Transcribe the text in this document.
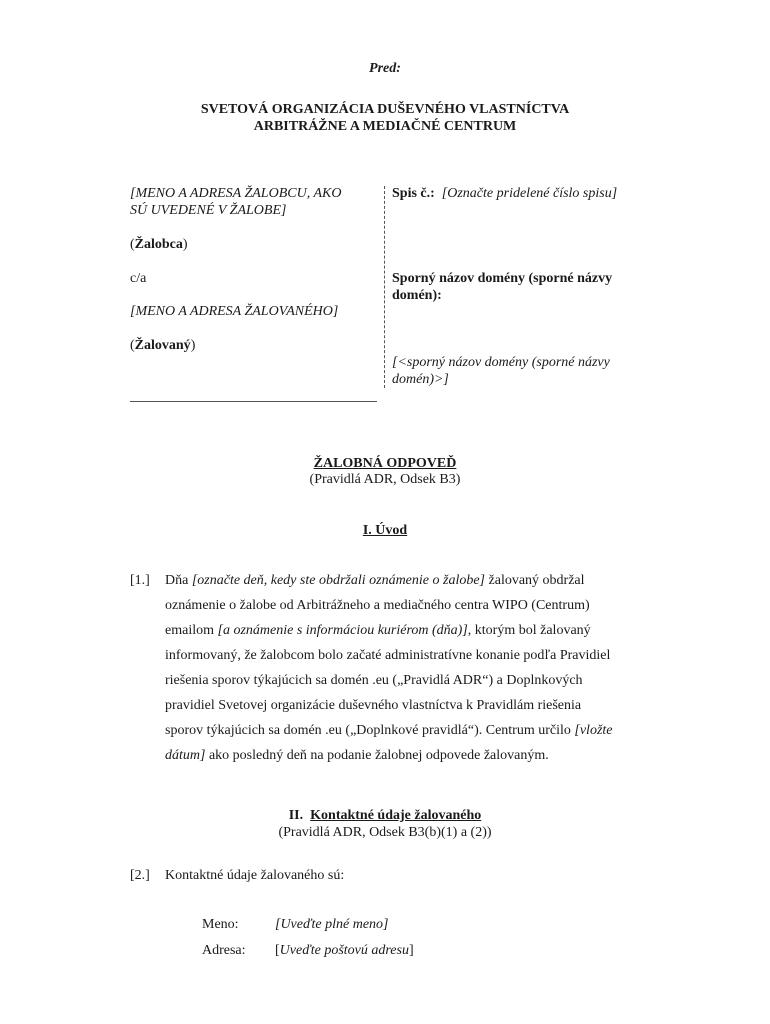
Pred:
SVETOVÁ ORGANIZÁCIA DUŠEVNÉHO VLASTNÍCTVA
ARBITRÁŽNE A MEDIAČNÉ CENTRUM
[MENO A ADRESA ŽALOBCU, AKO
SÚ UVEDENÉ V ŽALOBE]
(Žalobca)
c/a
[MENO A ADRESA ŽALOVANÉHO]
(Žalovaný)
Spis č.: [Označte pridelené číslo spisu]
Sporný názov domény (sporné názvy
domén):
[<sporný názov domény (sporné názvy
domén)>]
ŽALOBNÁ ODPOVEĎ
(Pravidlá ADR, Odsek B3)
I. Úvod
[1.] Dňa [označte deň, kedy ste obdržali oznámenie o žalobe] žalovaný obdržal
oznámenie o žalobe od Arbitrážneho a mediačného centra WIPO (Centrum)
emailom [a oznámenie s informáciou kuriérom (dňa)], ktorým bol žalovaný
informovaný, že žalobcom bolo začaté administratívne konanie podľa Pravidiel
riešenia sporov týkajúcich sa domén .eu („Pravidlá ADR“) a Doplnkových
pravidiel Svetovej organizácie duševného vlastníctva k Pravidlám riešenia
sporov týkajúcich sa domén .eu („Doplnkové pravidlá“). Centrum určilo [vložte
dátum] ako posledný deň na podanie žalobnej odpovede žalovaným.
II. Kontaktné údaje žalovaného
(Pravidlá ADR, Odsek B3(b)(1) a (2))
[2.] Kontaktné údaje žalovaného sú:
Meno:	[Uveďte plné meno]
Adresa: [Uveďte poštovú adresu]
